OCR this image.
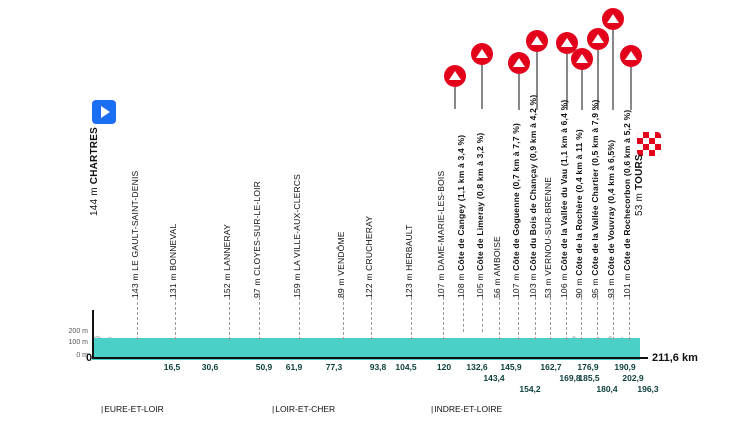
200 m
100 m
0 m
0	211,6 km
144 m CHARTRES
53 m TOURS
143 m LE GAULT-SAINT-DENIS
131 m BONNEVAL
152 m LANNERAY
97 m CLOYES-SUR-LE-LOIR
159 m LA VILLE-AUX-CLERCS
89 m VENDÔME
122 m CRUCHERAY
123 m HERBAULT
107 m DAME-MARIE-LES-BOIS
108 m Côte de Cangey (1,1 km à 3,4 %)
105 m Côte de Limeray (0,8 km à 3,2 %)
56 m AMBOISE
107 m Côte de Goguenne (0,7 km à 7,7 %)
103 m Côte du Bois de Chançay (0,9 km à 4,2 %)
53 m VERNOU-SUR-BRENNE
106 m Côte de la Vallée du Vau (1,1 km à 6,4 %)
90 m Côte de la Rochère (0,4 km à 11 %)
95 m Côte de la Vallée Chartier (0,5 km à 7,9 %)
93 m Côte de Vouvray (0,4 km à 6,5%)
101 m Côte de Rochecorbon (0,6 km à 5,2 %)
16,5	30,6	50,9 61,9	77,3	93,8 104,5 120 132,6 145,9 162,7 176,9 190,9
143,4
154,2
169,8
180,4
185,5
196,3
202,9
| EURE-ET-LOIR	| LOIR-ET-CHER	| INDRE-ET-LOIRE
